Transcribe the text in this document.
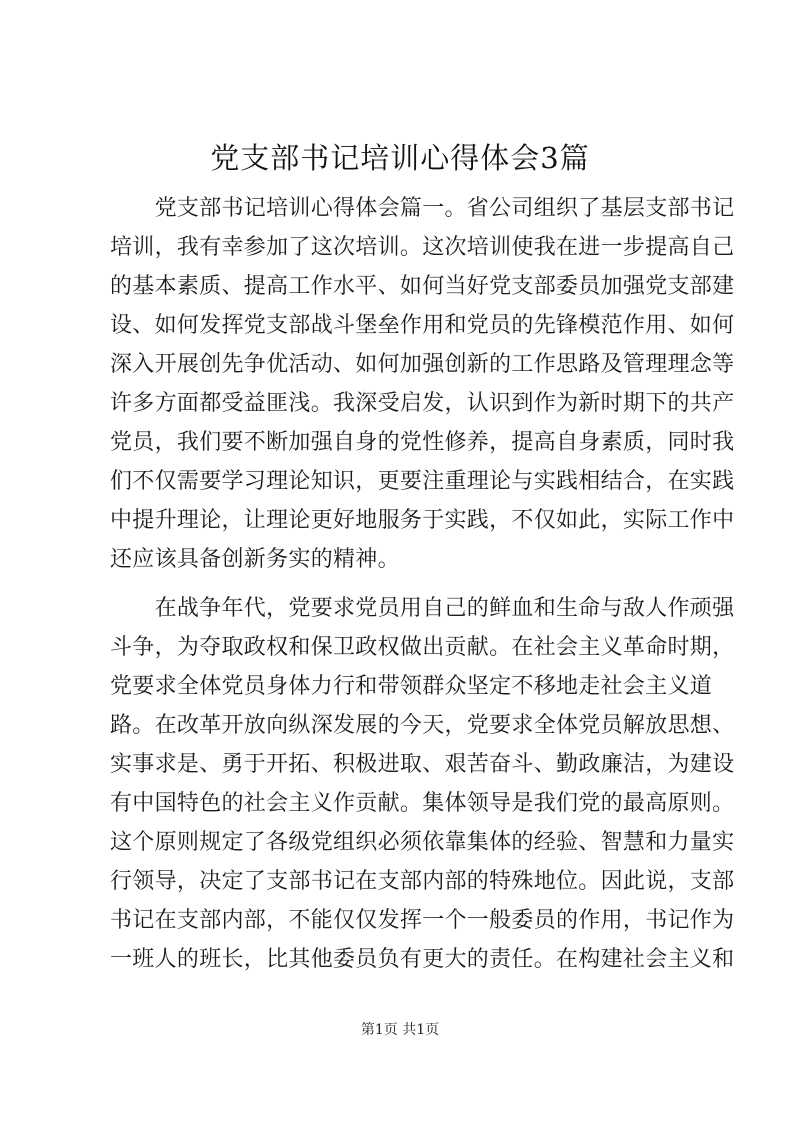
党支部书记培训心得体会3篇
　　党支部书记培训心得体会篇一。省公司组织了基层支部书记
培训，我有幸参加了这次培训。这次培训使我在进一步提高自己
的基本素质、提高工作水平、如何当好党支部委员加强党支部建
设、如何发挥党支部战斗堡垒作用和党员的先锋模范作用、如何
深入开展创先争优活动、如何加强创新的工作思路及管理理念等
许多方面都受益匪浅。我深受启发，认识到作为新时期下的共产
党员，我们要不断加强自身的党性修养，提高自身素质，同时我
们不仅需要学习理论知识，更要注重理论与实践相结合，在实践
中提升理论，让理论更好地服务于实践，不仅如此，实际工作中
还应该具备创新务实的精神。
　　在战争年代，党要求党员用自己的鲜血和生命与敌人作顽强
斗争，为夺取政权和保卫政权做出贡献。在社会主义革命时期，
党要求全体党员身体力行和带领群众坚定不移地走社会主义道
路。在改革开放向纵深发展的今天，党要求全体党员解放思想、
实事求是、勇于开拓、积极进取、艰苦奋斗、勤政廉洁，为建设
有中国特色的社会主义作贡献。集体领导是我们党的最高原则。
这个原则规定了各级党组织必须依靠集体的经验、智慧和力量实
行领导，决定了支部书记在支部内部的特殊地位。因此说，支部
书记在支部内部，不能仅仅发挥一个一般委员的作用，书记作为
一班人的班长，比其他委员负有更大的责任。在构建社会主义和
第1页 共1页
